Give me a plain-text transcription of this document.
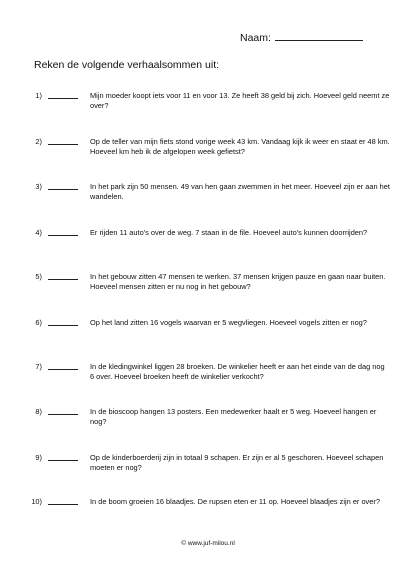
Naam:
Reken de volgende verhaalsommen uit:
1)	Mijn moeder koopt iets voor 11 en voor 13. Ze heeft 38 geld bij zich. Hoeveel geld neemt ze over?
2)	Op de teller van mijn fiets stond vorige week 43 km. Vandaag kijk ik weer en staat er 48 km. Hoeveel km heb ik de afgelopen week gefietst?
3)	In het park zijn 50 mensen. 49 van hen gaan zwemmen in het meer. Hoeveel zijn er aan het wandelen.
4)	Er rijden 11 auto's over de weg. 7 staan in de file. Hoeveel auto's kunnen doorrijden?
5)	In het gebouw zitten 47 mensen te werken. 37 mensen krijgen pauze en gaan naar buiten. Hoeveel mensen zitten er nu nog in het gebouw?
6)	Op het land zitten 16 vogels waarvan er 5 wegvliegen. Hoeveel vogels zitten er nog?
7)	In de kledingwinkel liggen 28 broeken. De winkelier heeft er aan het einde van de dag nog 6 over. Hoeveel broeken heeft de winkelier verkocht?
8)	In de bioscoop hangen 13 posters. Een medewerker haalt er 5 weg. Hoeveel hangen er nog?
9)	Op de kinderboerderij zijn in totaal 9 schapen. Er zijn er al 5 geschoren. Hoeveel schapen moeten er nog?
10)	In de boom groeien 16 blaadjes. De rupsen eten er 11 op. Hoeveel blaadjes zijn er over?
© www.juf-milou.nl
